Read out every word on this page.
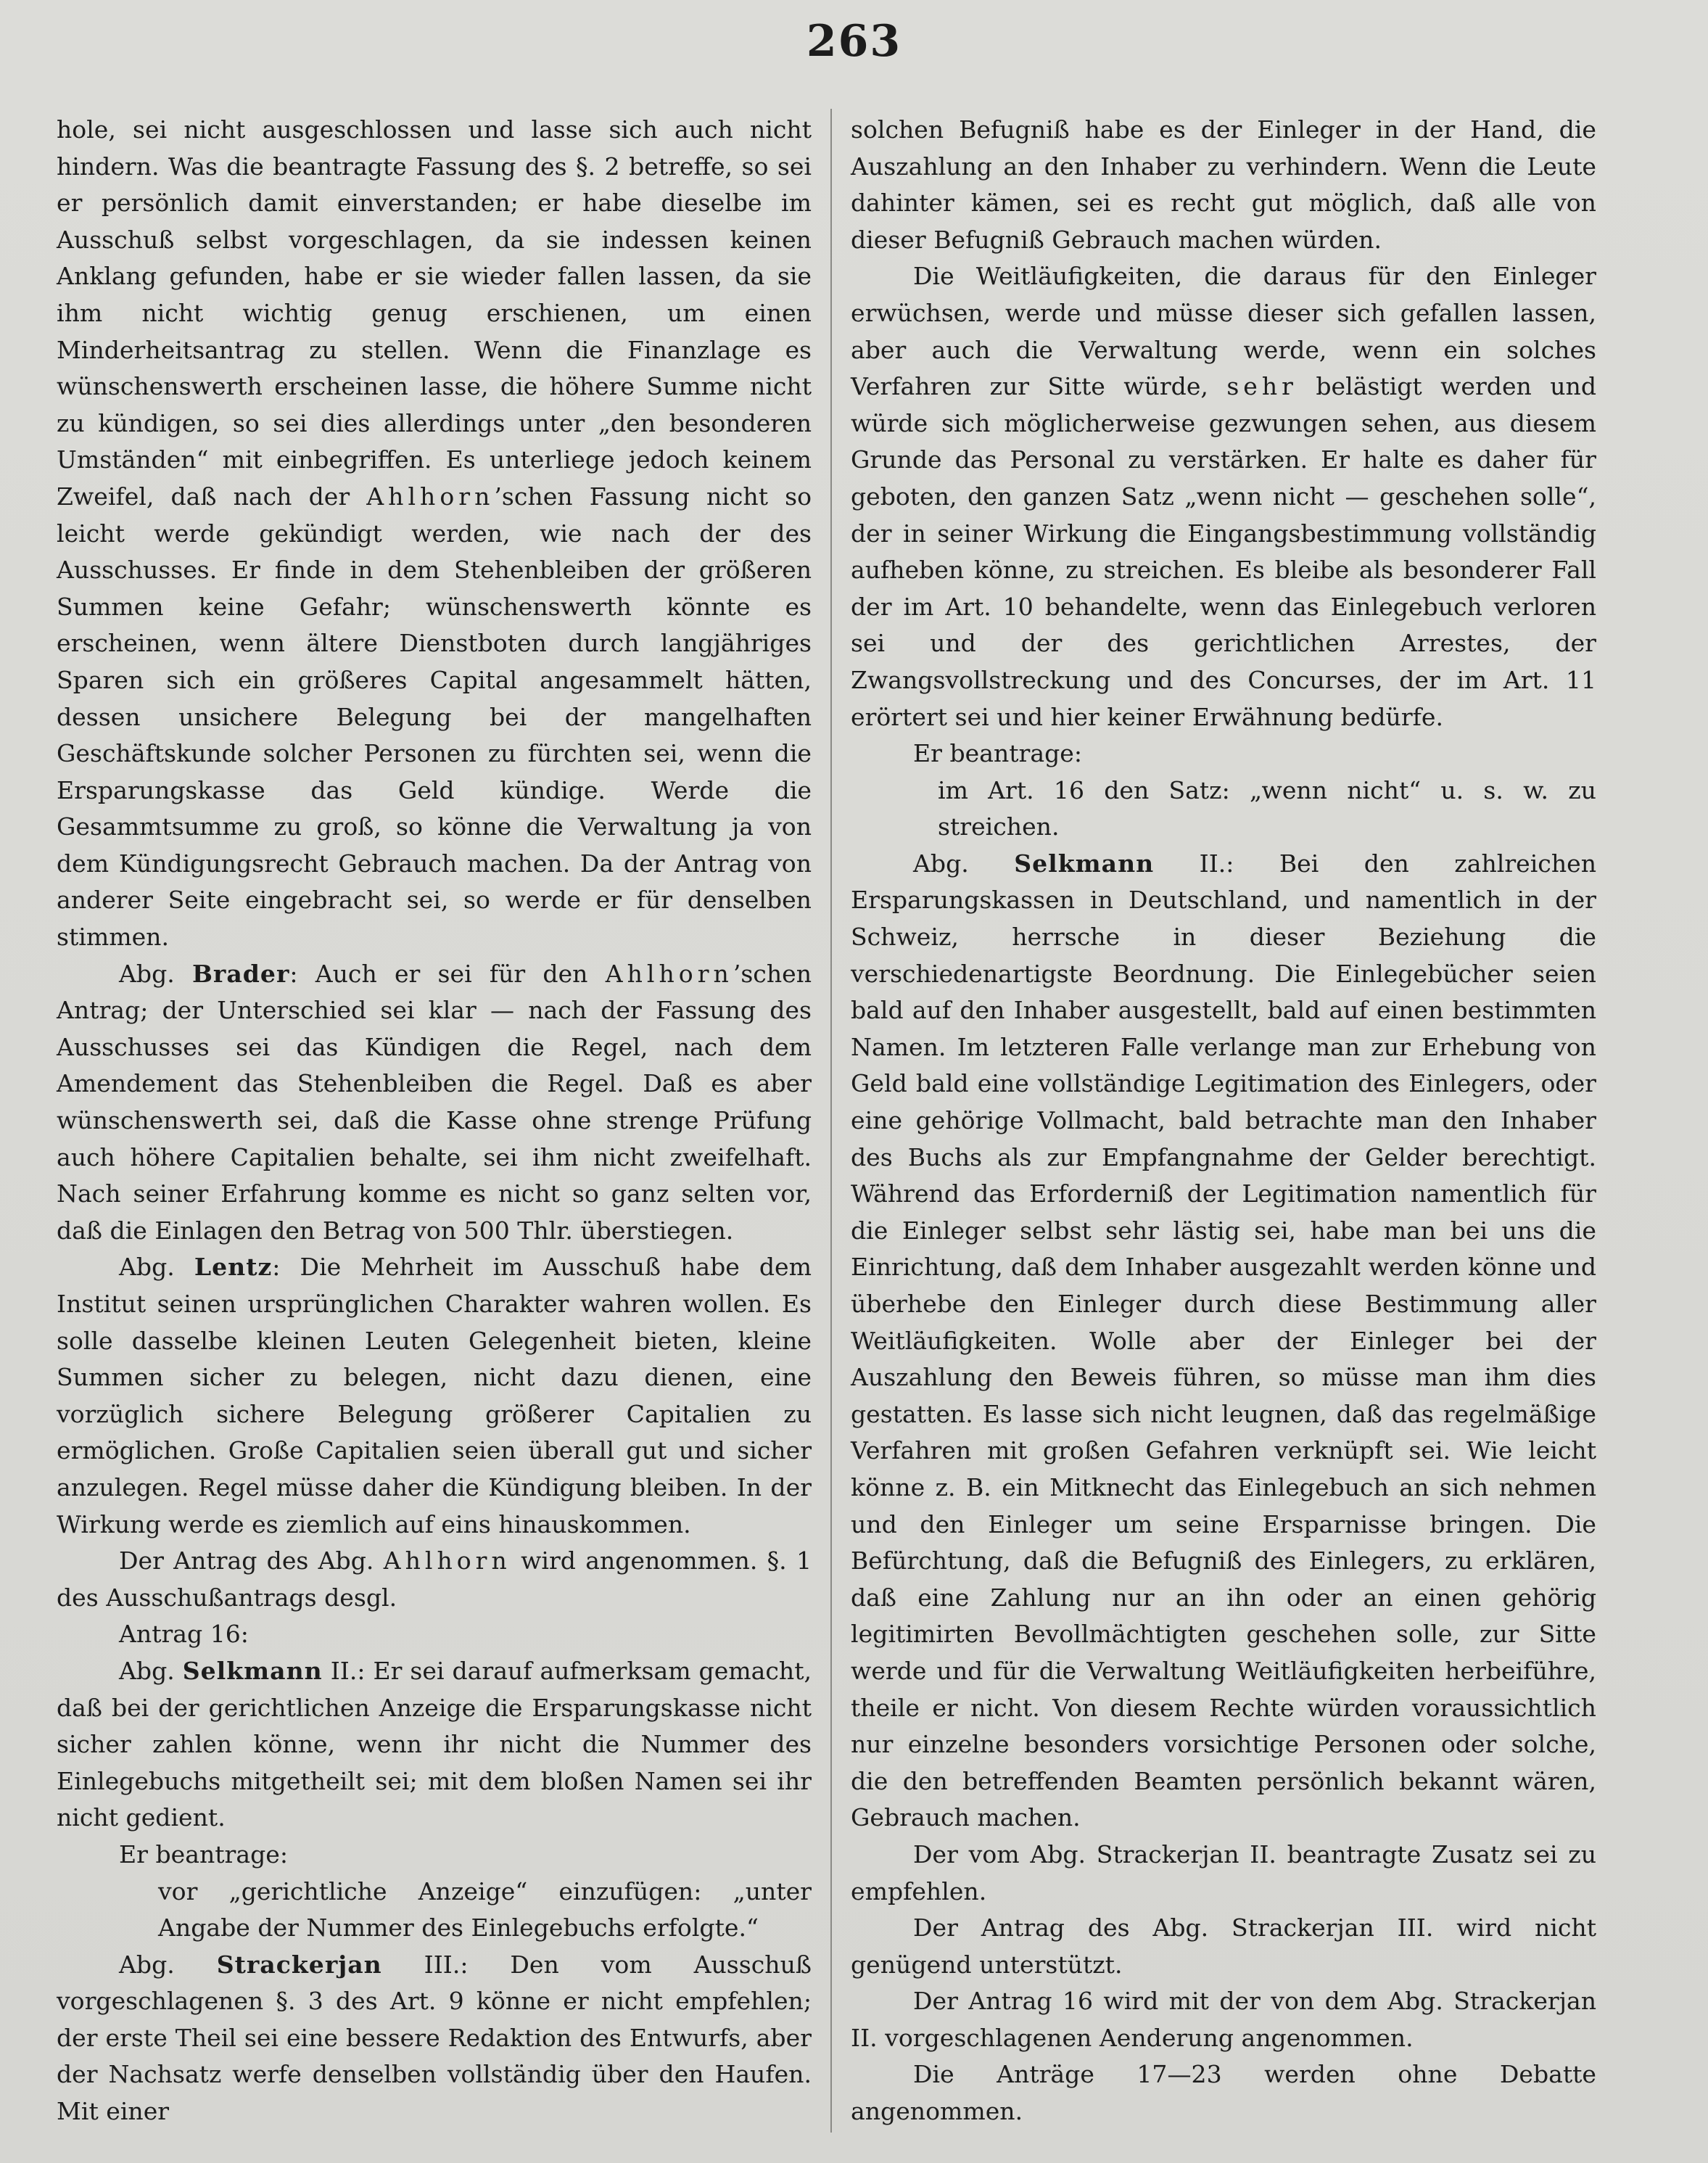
263

hole, sei nicht ausgeschlossen und lasse sich auch nicht hindern. Was die beantragte Fassung des §. 2 betreffe, so sei er persönlich damit einverstanden; er habe dieselbe im Ausschuß selbst vorgeschlagen, da sie indessen keinen Anklang gefunden, habe er sie wieder fallen lassen, da sie ihm nicht wichtig genug erschienen, um einen Minderheitsantrag zu stellen. Wenn die Finanzlage es wünschenswerth erscheinen lasse, die höhere Summe nicht zu kündigen, so sei dies allerdings unter „den besonderen Umständen“ mit einbegriffen. Es unterliege jedoch keinem Zweifel, daß nach der Ahlhorn’schen Fassung nicht so leicht werde gekündigt werden, wie nach der des Ausschusses. Er finde in dem Stehenbleiben der größeren Summen keine Gefahr; wünschenswerth könnte es erscheinen, wenn ältere Dienstboten durch langjähriges Sparen sich ein größeres Capital angesammelt hätten, dessen unsichere Belegung bei der mangelhaften Geschäftskunde solcher Personen zu fürchten sei, wenn die Ersparungskasse das Geld kündige. Werde die Gesammtsumme zu groß, so könne die Verwaltung ja von dem Kündigungsrecht Gebrauch machen. Da der Antrag von anderer Seite eingebracht sei, so werde er für denselben stimmen.

Abg. Brader: Auch er sei für den Ahlhorn’schen Antrag; der Unterschied sei klar — nach der Fassung des Ausschusses sei das Kündigen die Regel, nach dem Amendement das Stehenbleiben die Regel. Daß es aber wünschenswerth sei, daß die Kasse ohne strenge Prüfung auch höhere Capitalien behalte, sei ihm nicht zweifelhaft. Nach seiner Erfahrung komme es nicht so ganz selten vor, daß die Einlagen den Betrag von 500 Thlr. überstiegen.

Abg. Lentz: Die Mehrheit im Ausschuß habe dem Institut seinen ursprünglichen Charakter wahren wollen. Es solle dasselbe kleinen Leuten Gelegenheit bieten, kleine Summen sicher zu belegen, nicht dazu dienen, eine vorzüglich sichere Belegung größerer Capitalien zu ermöglichen. Große Capitalien seien überall gut und sicher anzulegen. Regel müsse daher die Kündigung bleiben. In der Wirkung werde es ziemlich auf eins hinauskommen.

Der Antrag des Abg. Ahlhorn wird angenommen. §. 1 des Ausschußantrags desgl.

Antrag 16:

Abg. Selkmann II.: Er sei darauf aufmerksam gemacht, daß bei der gerichtlichen Anzeige die Ersparungskasse nicht sicher zahlen könne, wenn ihr nicht die Nummer des Einlegebuchs mitgetheilt sei; mit dem bloßen Namen sei ihr nicht gedient.

Er beantrage:

vor „gerichtliche Anzeige“ einzufügen: „unter Angabe der Nummer des Einlegebuchs erfolgte.“

Abg. Strackerjan III.: Den vom Ausschuß vorgeschlagenen §. 3 des Art. 9 könne er nicht empfehlen; der erste Theil sei eine bessere Redaktion des Entwurfs, aber der Nachsatz werfe denselben vollständig über den Haufen. Mit einer

solchen Befugniß habe es der Einleger in der Hand, die Auszahlung an den Inhaber zu verhindern. Wenn die Leute dahinter kämen, sei es recht gut möglich, daß alle von dieser Befugniß Gebrauch machen würden.

Die Weitläufigkeiten, die daraus für den Einleger erwüchsen, werde und müsse dieser sich gefallen lassen, aber auch die Verwaltung werde, wenn ein solches Verfahren zur Sitte würde, sehr belästigt werden und würde sich möglicherweise gezwungen sehen, aus diesem Grunde das Personal zu verstärken. Er halte es daher für geboten, den ganzen Satz „wenn nicht — geschehen solle“, der in seiner Wirkung die Eingangsbestimmung vollständig aufheben könne, zu streichen. Es bleibe als besonderer Fall der im Art. 10 behandelte, wenn das Einlegebuch verloren sei und der des gerichtlichen Arrestes, der Zwangsvollstreckung und des Concurses, der im Art. 11 erörtert sei und hier keiner Erwähnung bedürfe.

Er beantrage:

im Art. 16 den Satz: „wenn nicht“ u. s. w. zu streichen.

Abg. Selkmann II.: Bei den zahlreichen Ersparungskassen in Deutschland, und namentlich in der Schweiz, herrsche in dieser Beziehung die verschiedenartigste Beordnung. Die Einlegebücher seien bald auf den Inhaber ausgestellt, bald auf einen bestimmten Namen. Im letzteren Falle verlange man zur Erhebung von Geld bald eine vollständige Legitimation des Einlegers, oder eine gehörige Vollmacht, bald betrachte man den Inhaber des Buchs als zur Empfangnahme der Gelder berechtigt. Während das Erforderniß der Legitimation namentlich für die Einleger selbst sehr lästig sei, habe man bei uns die Einrichtung, daß dem Inhaber ausgezahlt werden könne und überhebe den Einleger durch diese Bestimmung aller Weitläufigkeiten. Wolle aber der Einleger bei der Auszahlung den Beweis führen, so müsse man ihm dies gestatten. Es lasse sich nicht leugnen, daß das regelmäßige Verfahren mit großen Gefahren verknüpft sei. Wie leicht könne z. B. ein Mitknecht das Einlegebuch an sich nehmen und den Einleger um seine Ersparnisse bringen. Die Befürchtung, daß die Befugniß des Einlegers, zu erklären, daß eine Zahlung nur an ihn oder an einen gehörig legitimirten Bevollmächtigten geschehen solle, zur Sitte werde und für die Verwaltung Weitläufigkeiten herbeiführe, theile er nicht. Von diesem Rechte würden voraussichtlich nur einzelne besonders vorsichtige Personen oder solche, die den betreffenden Beamten persönlich bekannt wären, Gebrauch machen.

Der vom Abg. Strackerjan II. beantragte Zusatz sei zu empfehlen.

Der Antrag des Abg. Strackerjan III. wird nicht genügend unterstützt.

Der Antrag 16 wird mit der von dem Abg. Strackerjan II. vorgeschlagenen Aenderung angenommen.

Die Anträge 17—23 werden ohne Debatte angenommen.
